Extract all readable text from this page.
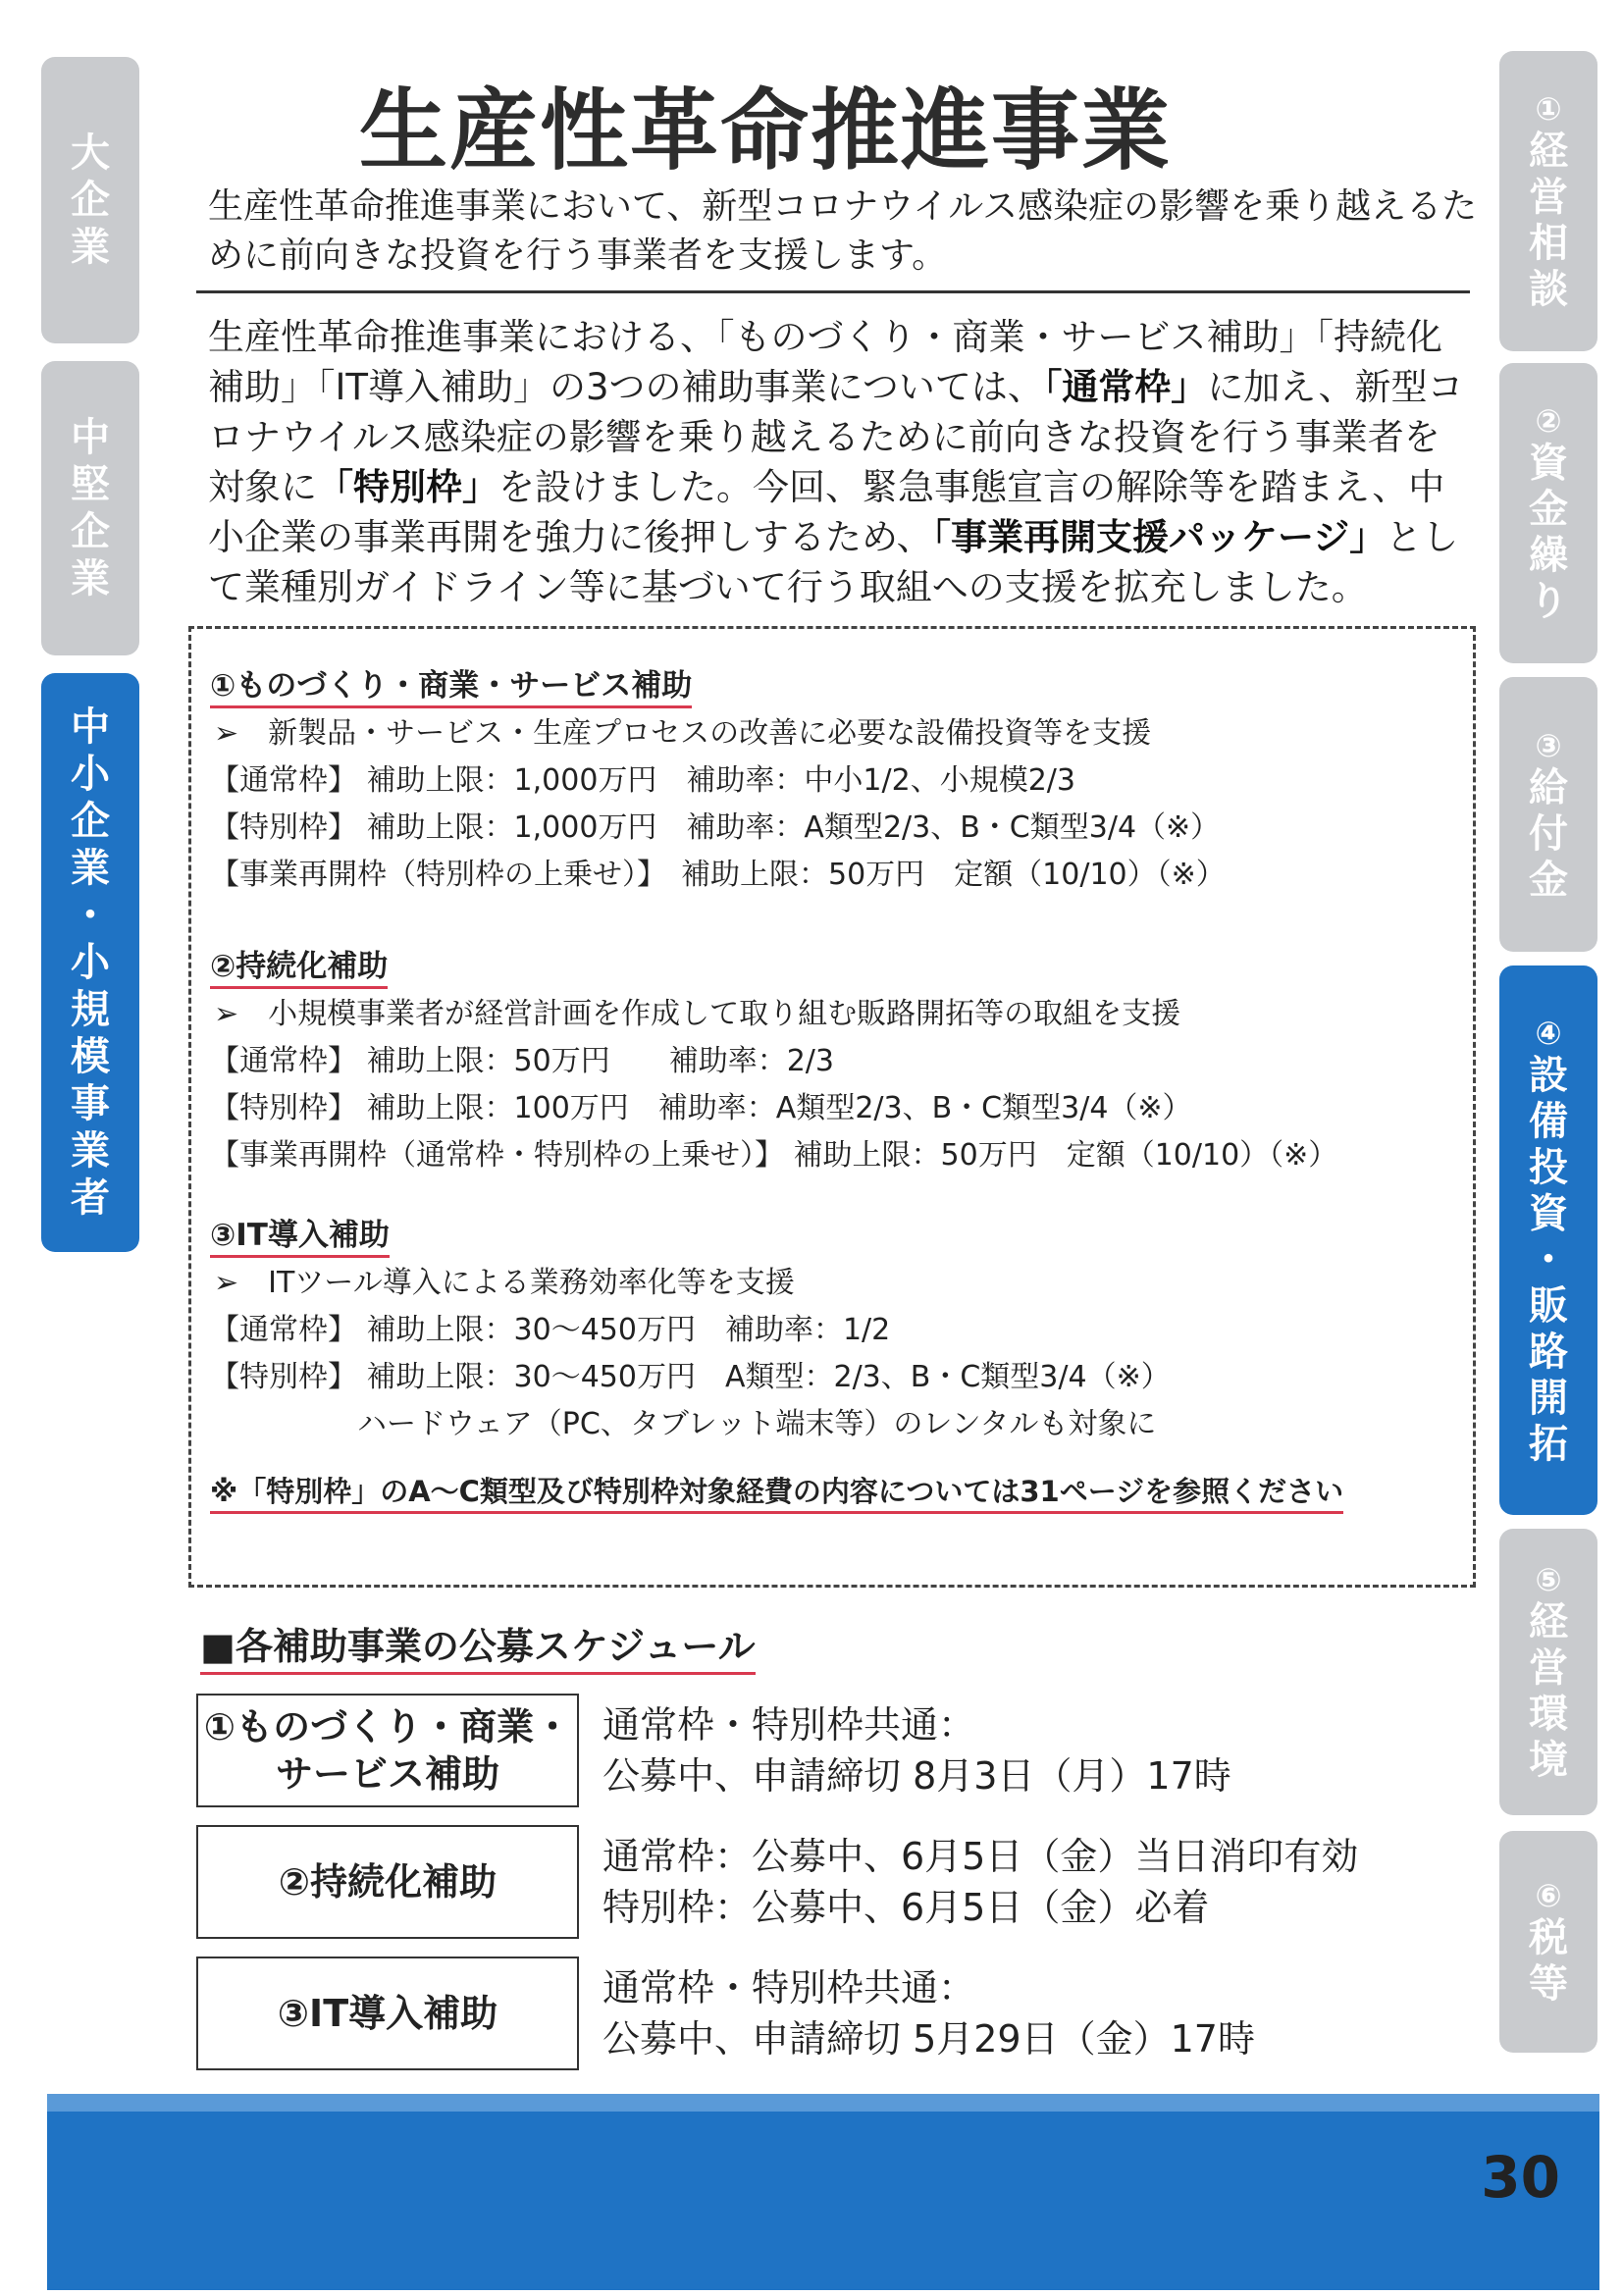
大
企
業
中
堅
企
業
中
小
企
業
・
小
規
模
事
業
者
①
経
営
相
談
②
資
金
繰
り
③
給
付
金
④
設
備
投
資
・
販
路
開
拓
⑤
経
営
環
境
⑥
税
等
生産性革命推進事業

生産性革命推進事業において、新型コロナウイルス感染症の影響を乗り越えるために前向きな投資を行う事業者を支援します。

生産性革命推進事業における、「ものづくり・商業・サービス補助」「持続化補助」「IT導入補助」の3つの補助事業については、「通常枠」に加え、新型コロナウイルス感染症の影響を乗り越えるために前向きな投資を行う事業者を対象に「特別枠」を設けました。今回、緊急事態宣言の解除等を踏まえ、中小企業の事業再開を強力に後押しするため、「事業再開支援パッケージ」として業種別ガイドライン等に基づいて行う取組への支援を拡充しました。

①ものづくり・商業・サービス補助
➢　新製品・サービス・生産プロセスの改善に必要な設備投資等を支援
【通常枠】 補助上限：1,000万円　補助率：中小1/2、小規模2/3
【特別枠】 補助上限：1,000万円　補助率：A類型2/3、B・C類型3/4（※）
【事業再開枠（特別枠の上乗せ）】　補助上限：50万円　定額（10/10）（※）
②持続化補助
➢　小規模事業者が経営計画を作成して取り組む販路開拓等の取組を支援
【通常枠】 補助上限：50万円　　補助率：2/3
【特別枠】 補助上限：100万円　補助率：A類型2/3、B・C類型3/4（※）
【事業再開枠（通常枠・特別枠の上乗せ）】 補助上限：50万円　定額（10/10）（※）
③IT導入補助
➢　ITツール導入による業務効率化等を支援
【通常枠】 補助上限：30～450万円　補助率：1/2
【特別枠】 補助上限：30～450万円　A類型：2/3、B・C類型3/4（※）
　　　　　ハードウェア（PC、タブレット端末等）のレンタルも対象に
※「特別枠」のA～C類型及び特別枠対象経費の内容については31ページを参照ください
■各補助事業の公募スケジュール
①ものづくり・商業・
サービス補助
通常枠・特別枠共通：
公募中、申請締切 8月3日（月）17時
②持続化補助
通常枠：公募中、6月5日（金）当日消印有効
特別枠：公募中、6月5日（金）必着
③IT導入補助
通常枠・特別枠共通：
公募中、申請締切 5月29日（金）17時
30
